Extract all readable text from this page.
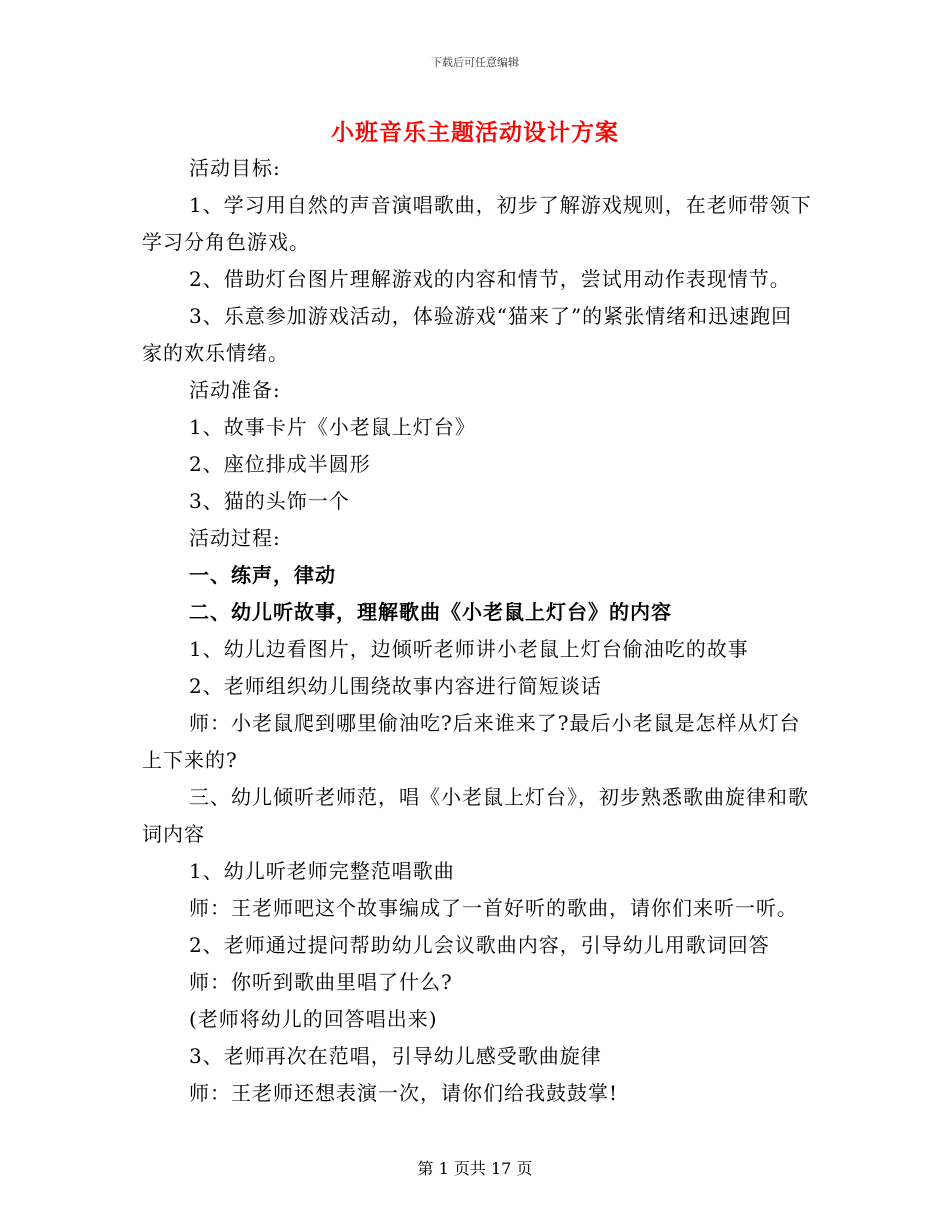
下载后可任意编辑
小班音乐主题活动设计方案

活动目标:

1、学习用自然的声音演唱歌曲，初步了解游戏规则，在老师带领下学习分角色游戏。

2、借助灯台图片理解游戏的内容和情节，尝试用动作表现情节。

3、乐意参加游戏活动，体验游戏“猫来了”的紧张情绪和迅速跑回家的欢乐情绪。

活动准备:

1、故事卡片《小老鼠上灯台》

2、座位排成半圆形

3、猫的头饰一个

活动过程:

一、练声，律动

二、幼儿听故事，理解歌曲《小老鼠上灯台》的内容

1、幼儿边看图片，边倾听老师讲小老鼠上灯台偷油吃的故事

2、老师组织幼儿围绕故事内容进行简短谈话

师：小老鼠爬到哪里偷油吃?后来谁来了?最后小老鼠是怎样从灯台上下来的?

三、幼儿倾听老师范，唱《小老鼠上灯台》，初步熟悉歌曲旋律和歌词内容

1、幼儿听老师完整范唱歌曲

师：王老师吧这个故事编成了一首好听的歌曲，请你们来听一听。

2、老师通过提问帮助幼儿会议歌曲内容，引导幼儿用歌词回答

师：你听到歌曲里唱了什么?

(老师将幼儿的回答唱出来)

3、老师再次在范唱，引导幼儿感受歌曲旋律

师：王老师还想表演一次，请你们给我鼓鼓掌!

第 1 页共 17 页
